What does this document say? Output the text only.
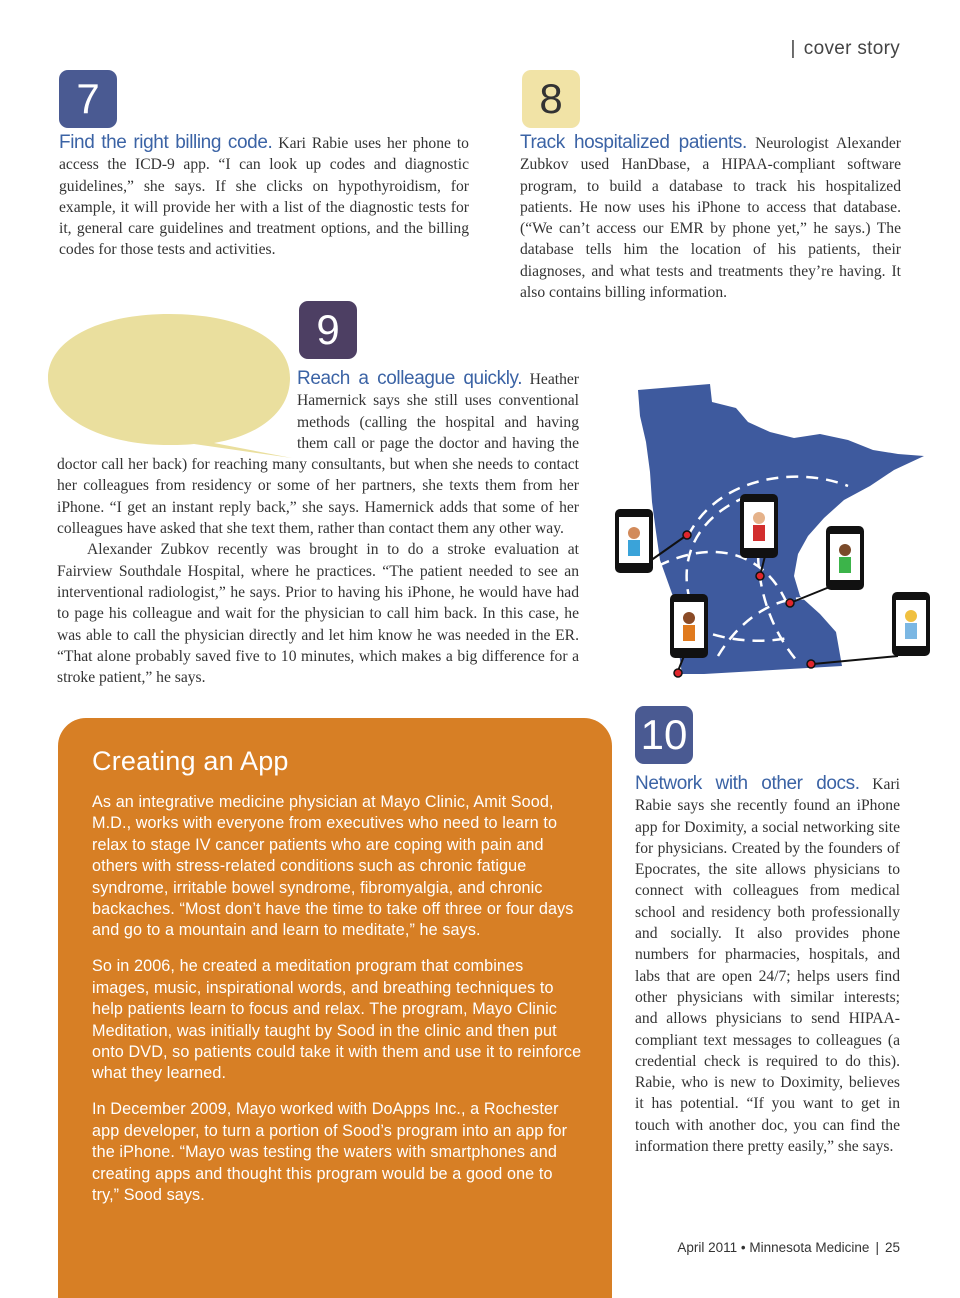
| cover story
7
Find the right billing code. Kari Rabie uses her phone to access the ICD-9 app. “I can look up codes and diagnostic guidelines,” she says. If she clicks on hypothyroidism, for example, it will provide her with a list of the diagnostic tests for it, general care guidelines and treatment options, and the billing codes for those tests and activities.
8
Track hospitalized patients. Neurologist Alexander Zubkov used HanDbase, a HIPAA-compliant software program, to build a database to track his hospitalized patients. He now uses his iPhone to access that database. (“We can’t access our EMR by phone yet,” he says.) The database tells him the location of his patients, their diagnoses, and what tests and treatments they’re having. It also contains billing information.
9
Reach a colleague quickly. Heather Hamernick says she still uses conventional methods (calling the hospital and having them call or page the doctor and having the doctor call her back) for reaching many consultants, but when she needs to contact her colleagues from residency or some of her partners, she texts them from her iPhone. “I get an instant reply back,” she says. Hamernick adds that some of her colleagues have asked that she text them, rather than contact them any other way.
Alexander Zubkov recently was brought in to do a stroke evaluation at Fairview Southdale Hospital, where he practices. “The patient needed to see an interventional radiologist,” he says. Prior to having his iPhone, he would have had to page his colleague and wait for the physician to call him back. In this case, he was able to call the physician directly and let him know he was needed in the ER. “That alone probably saved five to 10 minutes, which makes a big difference for a stroke patient,” he says.
10
Network with other docs. Kari Rabie says she recently found an iPhone app for Doximity, a social networking site for physicians. Created by the founders of Epocrates, the site allows physicians to connect with colleagues from medical school and residency both professionally and socially. It also provides phone numbers for pharmacies, hospitals, and labs that are open 24/7; helps users find other physicians with similar interests; and allows physicians to send HIPAA-compliant text messages to colleagues (a credential check is required to do this). Rabie, who is new to Doximity, believes it has potential. “If you want to get in touch with another doc, you can find the information there pretty easily,” she says.
Creating an App

As an integrative medicine physician at Mayo Clinic, Amit Sood, M.D., works with everyone from executives who need to learn to relax to stage IV cancer patients who are coping with pain and others with stress-related conditions such as chronic fatigue syndrome, irritable bowel syndrome, fibromyalgia, and chronic backaches. “Most don’t have the time to take off three or four days and go to a mountain and learn to meditate,” he says.

So in 2006, he created a meditation program that combines images, music, inspirational words, and breathing techniques to help patients learn to focus and relax. The program, Mayo Clinic Meditation, was initially taught by Sood in the clinic and then put onto DVD, so patients could take it with them and use it to reinforce what they learned.

In December 2009, Mayo worked with DoApps Inc., a Rochester app developer, to turn a portion of Sood’s program into an app for the iPhone. “Mayo was testing the waters with smartphones and creating apps and thought this program would be a good one to try,” Sood says.

April 2011 • Minnesota Medicine | 25
